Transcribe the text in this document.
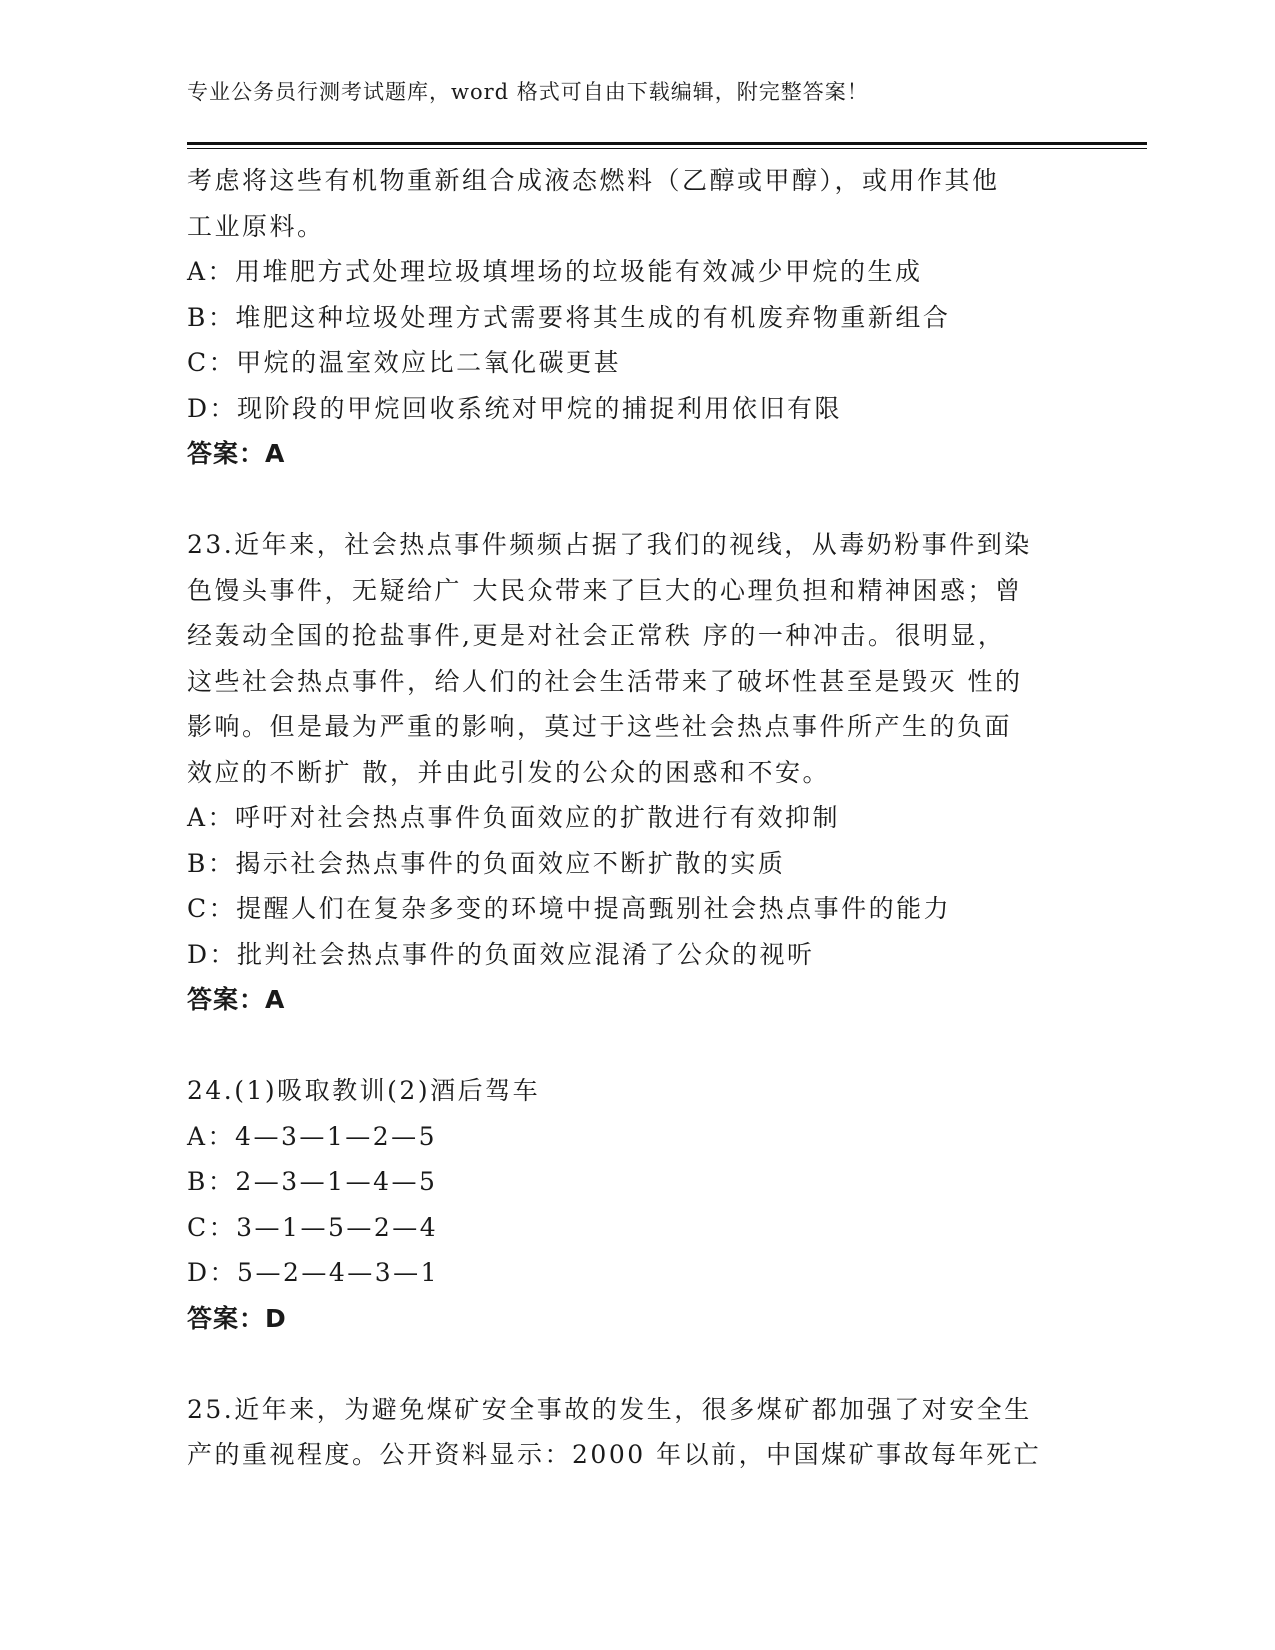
专业公务员行测考试题库，word 格式可自由下载编辑，附完整答案！
考虑将这些有机物重新组合成液态燃料（乙醇或甲醇），或用作其他
工业原料。
A：用堆肥方式处理垃圾填埋场的垃圾能有效减少甲烷的生成
B：堆肥这种垃圾处理方式需要将其生成的有机废弃物重新组合
C：甲烷的温室效应比二氧化碳更甚
D：现阶段的甲烷回收系统对甲烷的捕捉利用依旧有限
答案：A
23.近年来，社会热点事件频频占据了我们的视线，从毒奶粉事件到染
色馒头事件，无疑给广 大民众带来了巨大的心理负担和精神困惑；曾
经轰动全国的抢盐事件,更是对社会正常秩 序的一种冲击。很明显，
这些社会热点事件，给人们的社会生活带来了破坏性甚至是毁灭 性的
影响。但是最为严重的影响，莫过于这些社会热点事件所产生的负面
效应的不断扩 散，并由此引发的公众的困惑和不安。
A：呼吁对社会热点事件负面效应的扩散进行有效抑制
B：揭示社会热点事件的负面效应不断扩散的实质
C：提醒人们在复杂多变的环境中提高甄别社会热点事件的能力
D：批判社会热点事件的负面效应混淆了公众的视听
答案：A
24.(1)吸取教训(2)酒后驾车
A：4—3—1—2—5
B：2—3—1—4—5
C：3—1—5—2—4
D：5—2—4—3—1
答案：D
25.近年来，为避免煤矿安全事故的发生，很多煤矿都加强了对安全生
产的重视程度。公开资料显示：2000 年以前，中国煤矿事故每年死亡
